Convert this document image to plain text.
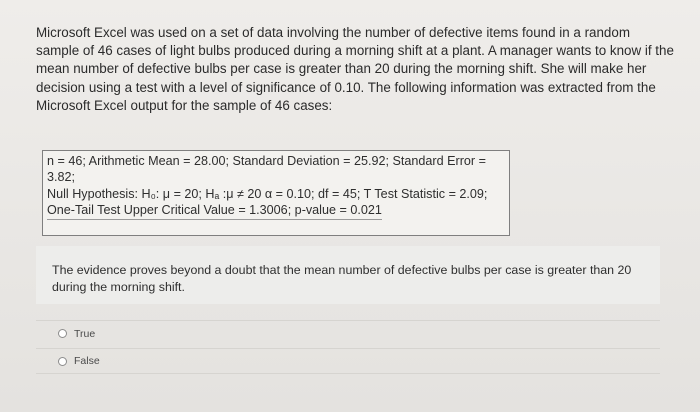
Microsoft Excel was used on a set of data involving the number of defective items found in a random sample of 46 cases of light bulbs produced during a morning shift at a plant. A manager wants to know if the mean number of defective bulbs per case is greater than 20 during the morning shift. She will make her decision using a test with a level of significance of 0.10. The following information was extracted from the Microsoft Excel output for the sample of 46 cases:
n = 46; Arithmetic Mean = 28.00; Standard Deviation = 25.92; Standard Error =
3.82;
Null Hypothesis: H₀: μ = 20; Hₐ :μ ≠ 20 α = 0.10; df = 45; T Test Statistic = 2.09;
One-Tail Test Upper Critical Value = 1.3006; p-value = 0.021
The evidence proves beyond a doubt that the mean number of defective bulbs per case is greater than 20 during the morning shift.
True
False
